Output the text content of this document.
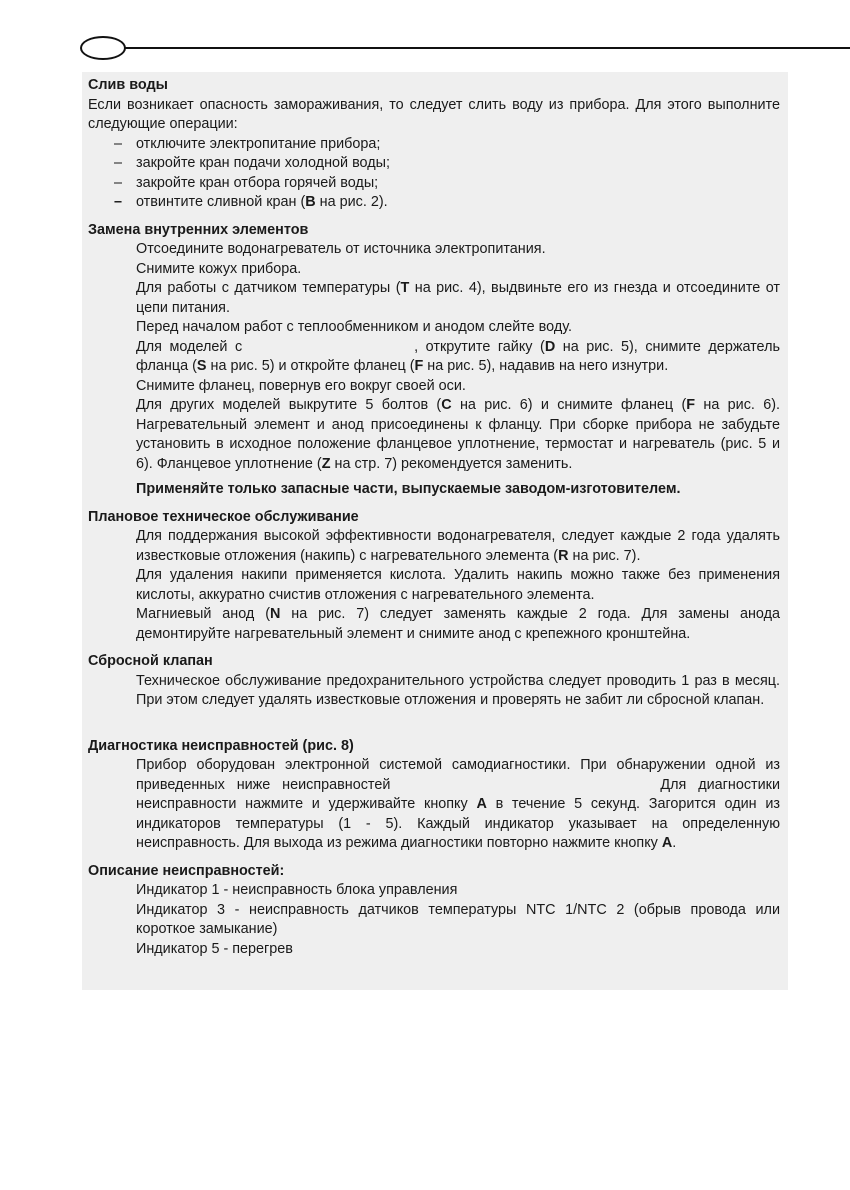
Слив воды

Если возникает опасность замораживания, то следует слить воду из прибора. Для этого выполните следующие операции:

– отключите электропитание прибора;
– закройте кран подачи холодной воды;
– закройте кран отбора горячей воды;
– отвинтите сливной кран (B на рис. 2).
Замена внутренних элементов

Отсоедините водонагреватель от источника электропитания.

Снимите кожух прибора.

Для работы с датчиком температуры (T на рис. 4), выдвиньте его из гнезда и отсоедините от цепи питания.

Перед началом работ с теплообменником и анодом слейте воду.

Для моделей с	, открутите гайку (D на рис. 5), снимите держатель фланца (S на рис. 5) и откройте фланец (F на рис. 5), надавив на него изнутри.

Снимите фланец, повернув его вокруг своей оси.

Для других моделей выкрутите 5 болтов (C на рис. 6) и снимите фланец (F на рис. 6). Нагревательный элемент и анод присоединены к фланцу. При сборке прибора не забудьте установить в исходное положение фланцевое уплотнение, термостат и нагреватель (рис. 5 и 6). Фланцевое уплотнение (Z на стр. 7) рекомендуется заменить.

Применяйте только запасные части, выпускаемые заводом-изготовителем.

Плановое техническое обслуживание

Для поддержания высокой эффективности водонагревателя, следует каждые 2 года удалять известковые отложения (накипь) с нагревательного элемента (R на рис. 7).

Для удаления накипи применяется кислота. Удалить накипь можно также без применения кислоты, аккуратно счистив отложения с нагревательного элемента.

Магниевый анод (N на рис. 7) следует заменять каждые 2 года. Для замены анода демонтируйте нагревательный элемент и снимите анод с крепежного кронштейна.

Сбросной клапан

Техническое обслуживание предохранительного устройства следует проводить 1 раз в месяц. При этом следует удалять известковые отложения и проверять не забит ли сбросной клапан.

Диагностика неисправностей (рис. 8)

Прибор оборудован электронной системой самодиагностики. При обнаружении одной из приведенных ниже неисправностей	Для диагностики неисправности нажмите и удерживайте кнопку A в течение 5 секунд. Загорится один из индикаторов температуры (1 - 5). Каждый индикатор указывает на определенную неисправность. Для выхода из режима диагностики повторно нажмите кнопку A.

Описание неисправностей:

Индикатор 1 - неисправность блока управления

Индикатор 3 - неисправность датчиков температуры NTC 1/NTC 2 (обрыв провода или короткое замыкание)

Индикатор 5 - перегрев
